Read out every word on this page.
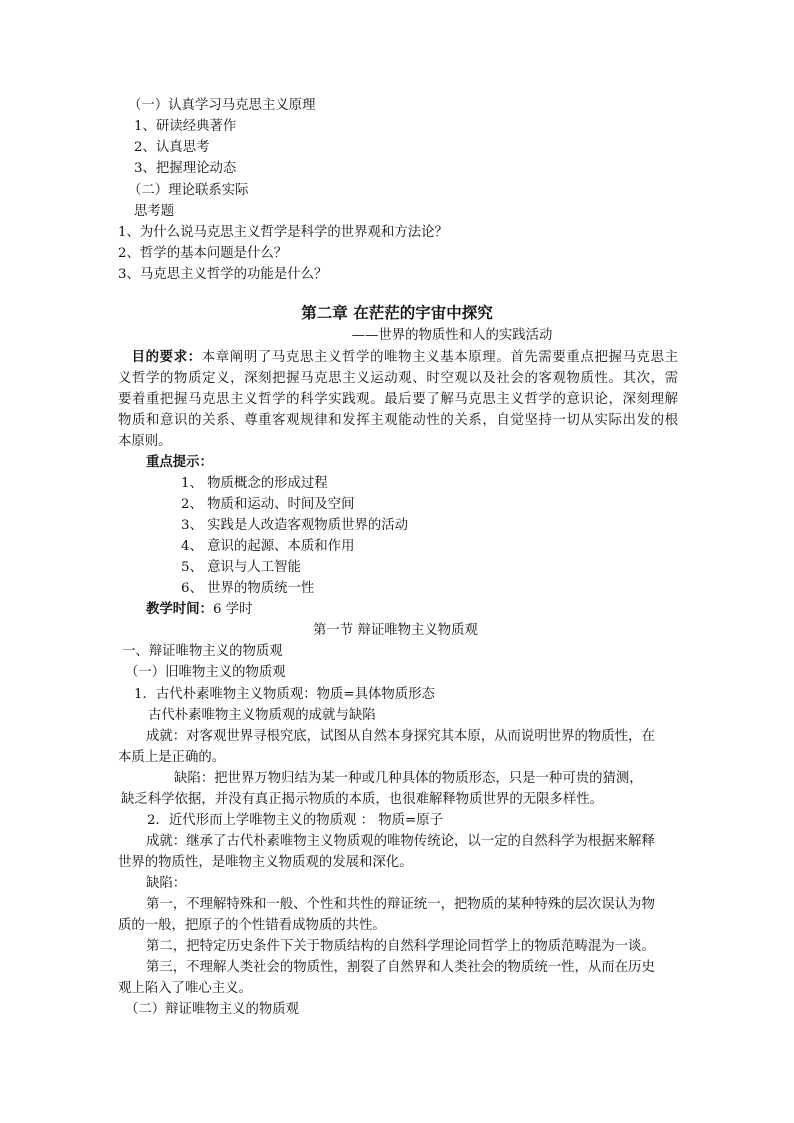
（一）认真学习马克思主义原理
1、研读经典著作
2、认真思考
3、把握理论动态
（二）理论联系实际
思考题
1、为什么说马克思主义哲学是科学的世界观和方法论？
2、哲学的基本问题是什么？
3、马克思主义哲学的功能是什么？
第二章 在茫茫的宇宙中探究
——世界的物质性和人的实践活动
目的要求：本章阐明了马克思主义哲学的唯物主义基本原理。首先需要重点把握马克思主
义哲学的物质定义，深刻把握马克思主义运动观、时空观以及社会的客观物质性。其次，需
要着重把握马克思主义哲学的科学实践观。最后要了解马克思主义哲学的意识论，深刻理解
物质和意识的关系、尊重客观规律和发挥主观能动性的关系，自觉坚持一切从实际出发的根
本原则。
重点提示：
1、 物质概念的形成过程
2、 物质和运动、时间及空间
3、 实践是人改造客观物质世界的活动
4、 意识的起源、本质和作用
5、 意识与人工智能
6、 世界的物质统一性
教学时间：6 学时
第一节 辩证唯物主义物质观
一、辩证唯物主义的物质观
（一）旧唯物主义的物质观
1．古代朴素唯物主义物质观：物质=具体物质形态
古代朴素唯物主义物质观的成就与缺陷
成就：对客观世界寻根究底，试图从自然本身探究其本原，从而说明世界的物质性，在
本质上是正确的。
缺陷：把世界万物归结为某一种或几种具体的物质形态，只是一种可贵的猜测，
缺乏科学依据，并没有真正揭示物质的本质，也很难解释物质世界的无限多样性。
2．近代形而上学唯物主义的物质观 ： 物质=原子
成就：继承了古代朴素唯物主义物质观的唯物传统论，以一定的自然科学为根据来解释
世界的物质性，是唯物主义物质观的发展和深化。
缺陷：
第一，不理解特殊和一般、个性和共性的辩证统一，把物质的某种特殊的层次误认为物
质的一般，把原子的个性错看成物质的共性。
第二，把特定历史条件下关于物质结构的自然科学理论同哲学上的物质范畴混为一谈。
第三，不理解人类社会的物质性，割裂了自然界和人类社会的物质统一性，从而在历史
观上陷入了唯心主义。
（二）辩证唯物主义的物质观
